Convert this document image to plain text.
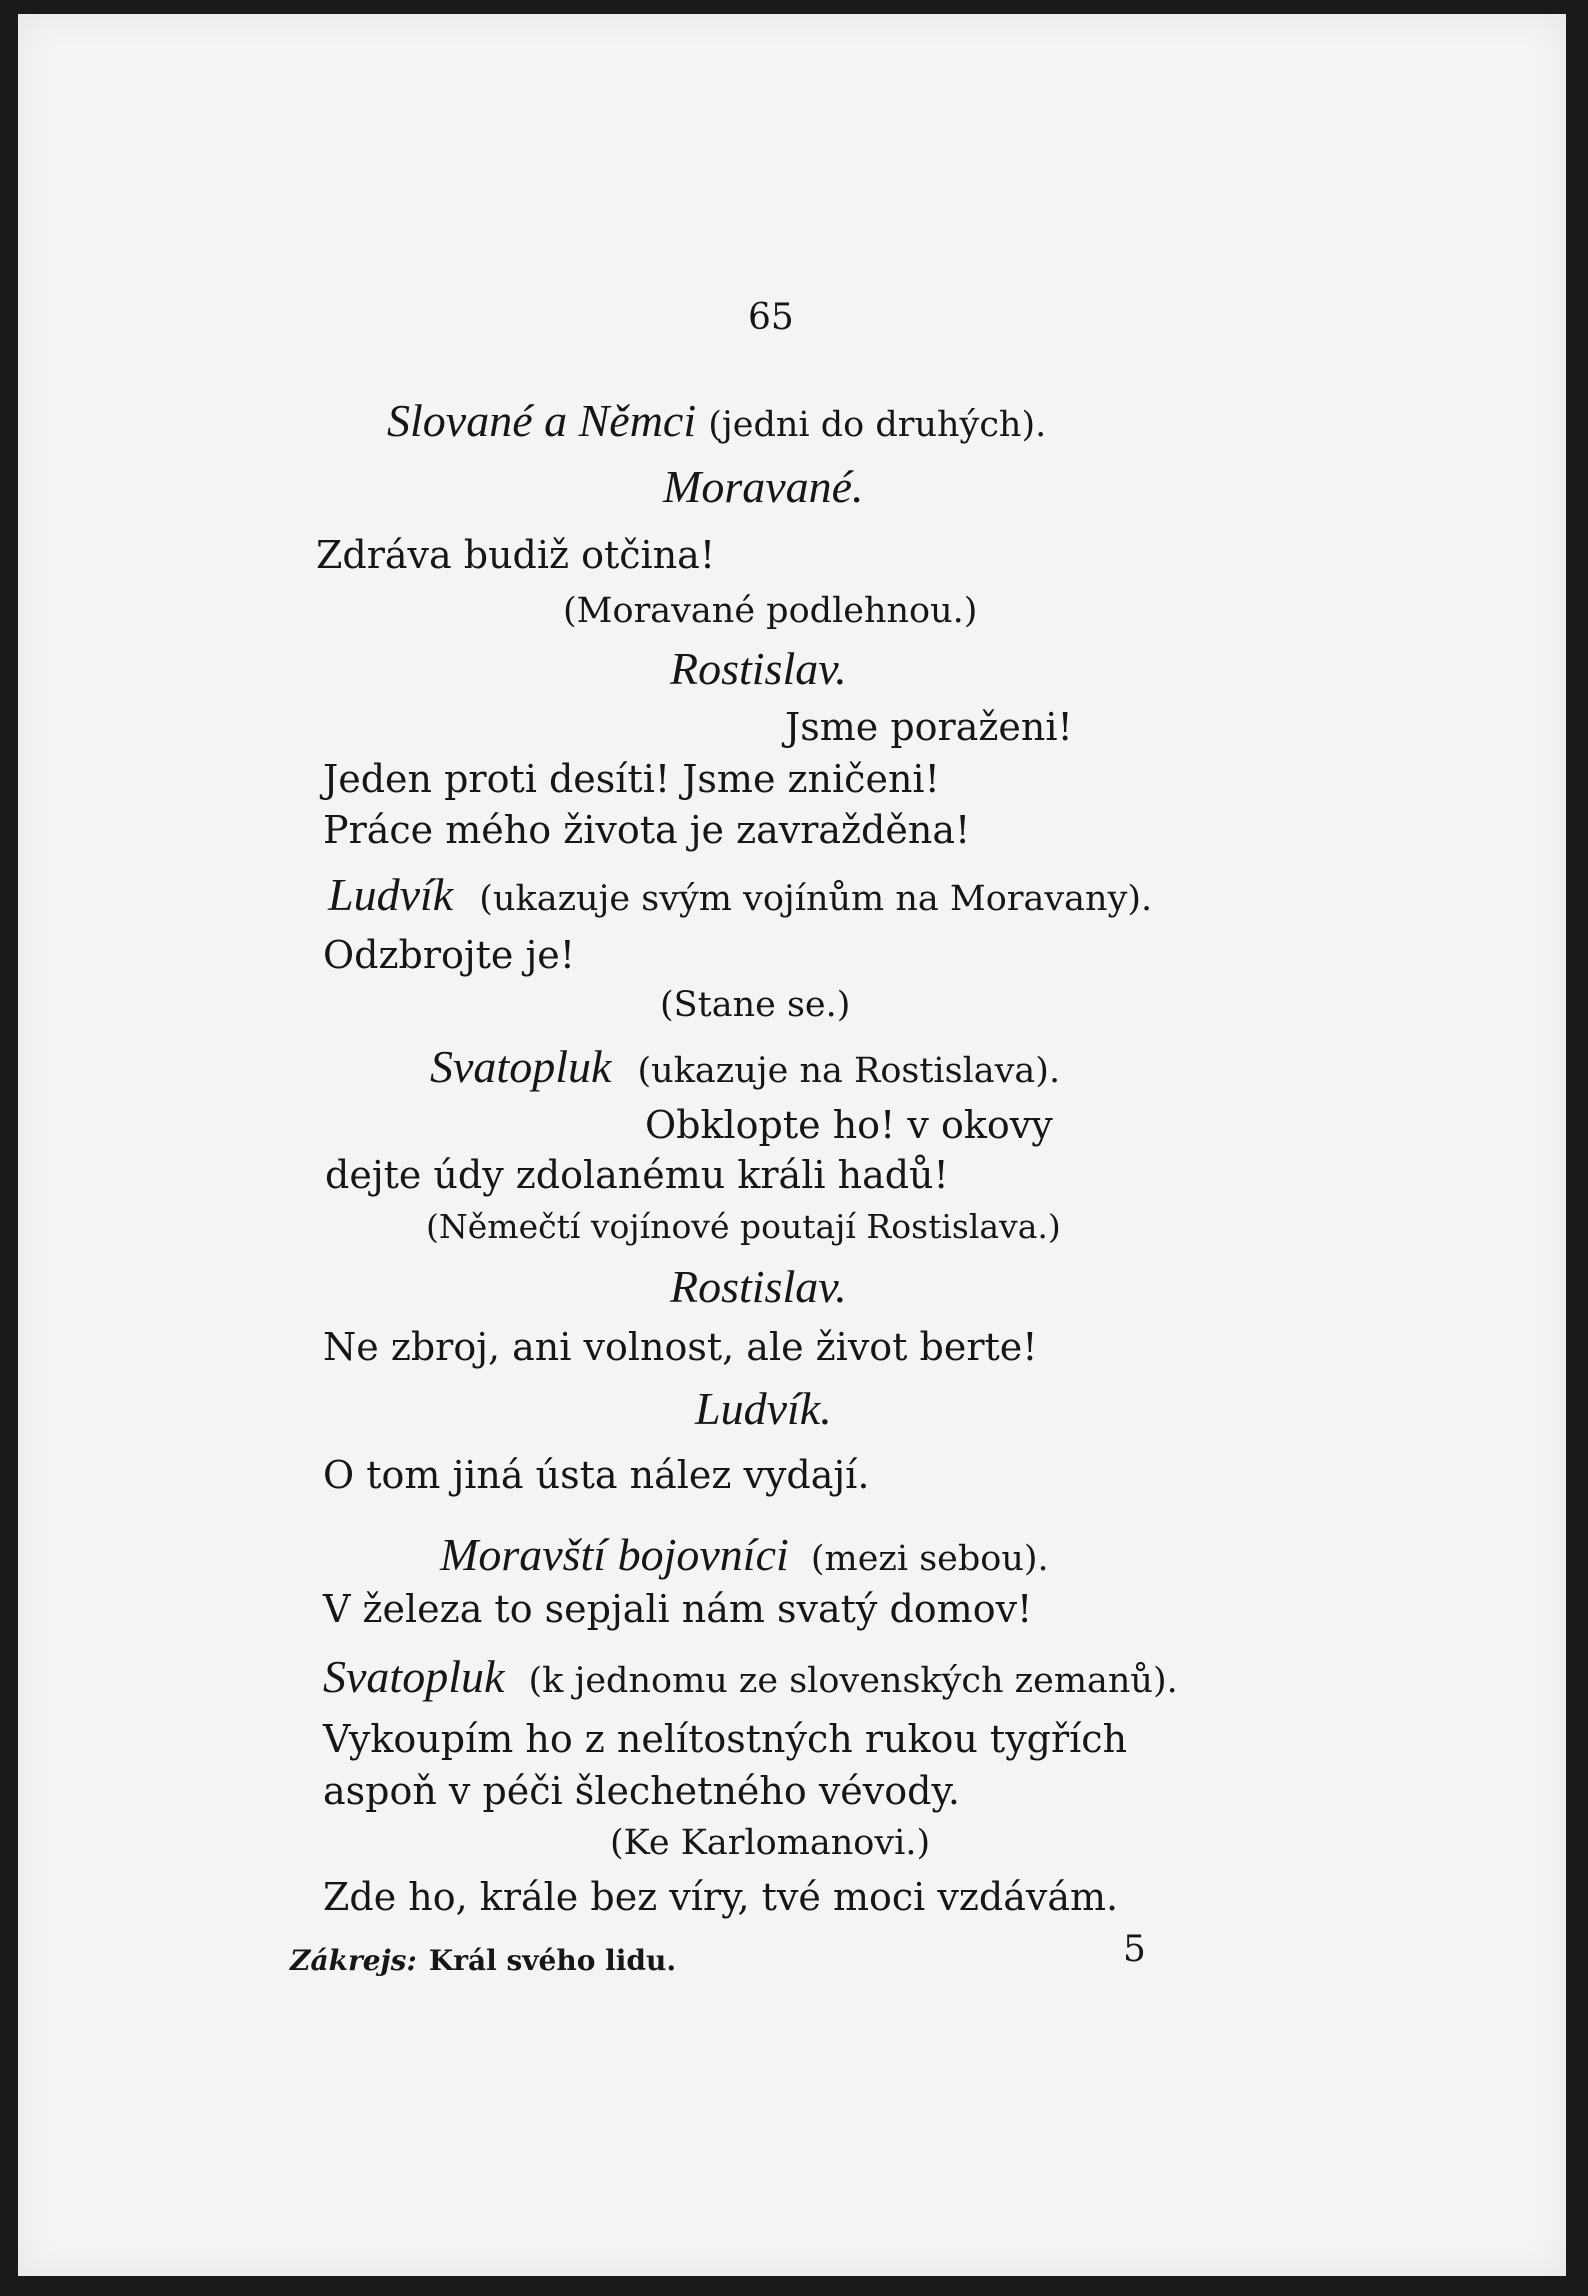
65
Slované a Němci (jedni do druhých).
Moravané.
Zdráva budiž otčina!
(Moravané podlehnou.)
Rostislav.
Jsme poraženi!
Jeden proti desíti! Jsme zničeni!
Práce mého života je zavražděna!
Ludvík (ukazuje svým vojínům na Moravany).
Odzbrojte je!
(Stane se.)
Svatopluk (ukazuje na Rostislava).
Obklopte ho! v okovy
dejte údy zdolanému králi hadů!
(Němečtí vojínové poutají Rostislava.)
Rostislav.
Ne zbroj, ani volnost, ale život berte!
Ludvík.
O tom jiná ústa nález vydají.
Moravští bojovníci (mezi sebou).
V železa to sepjali nám svatý domov!
Svatopluk (k jednomu ze slovenských zemanů).
Vykoupím ho z nelítostných rukou tygřích
aspoň v péči šlechetného vévody.
(Ke Karlomanovi.)
Zde ho, krále bez víry, tvé moci vzdávám.
Zákrejs: Král svého lidu.	5
